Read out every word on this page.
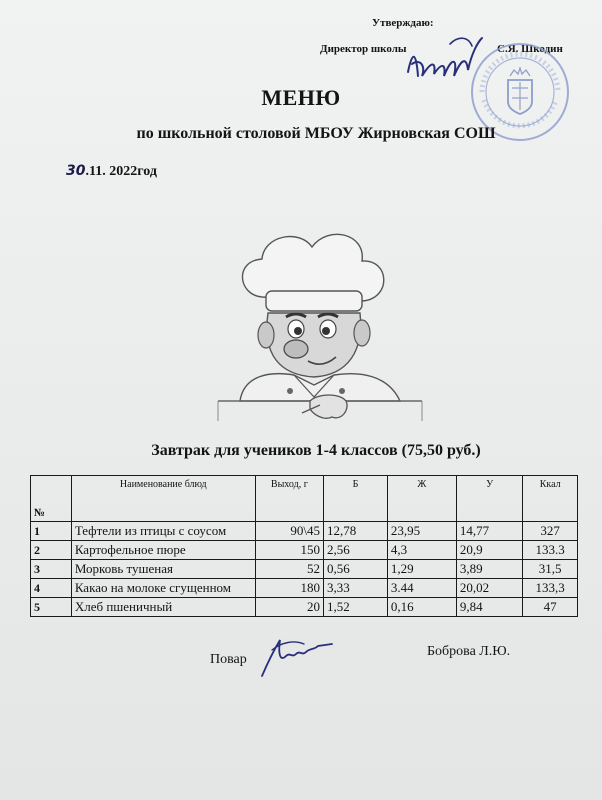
Утверждаю:
Директор школы	С.Я. Шкодин
МЕНЮ
по школьной столовой МБОУ Жирновская СОШ
30.11. 2022год
Завтрак для учеников 1-4 классов (75,50 руб.)
№	Наименование блюд	Выход, г	Б	Ж	У	Ккал
1	Тефтели из птицы с соусом	90\45	12,78	23,95	14,77	327
2	Картофельное пюре	150	2,56	4,3	20,9	133.3
3	Морковь тушеная	52	0,56	1,29	3,89	31,5
4	Какао на молоке сгущенном	180	3,33	3.44	20,02	133,3
5	Хлеб пшеничный	20	1,52	0,16	9,84	47
Повар
Боброва Л.Ю.
